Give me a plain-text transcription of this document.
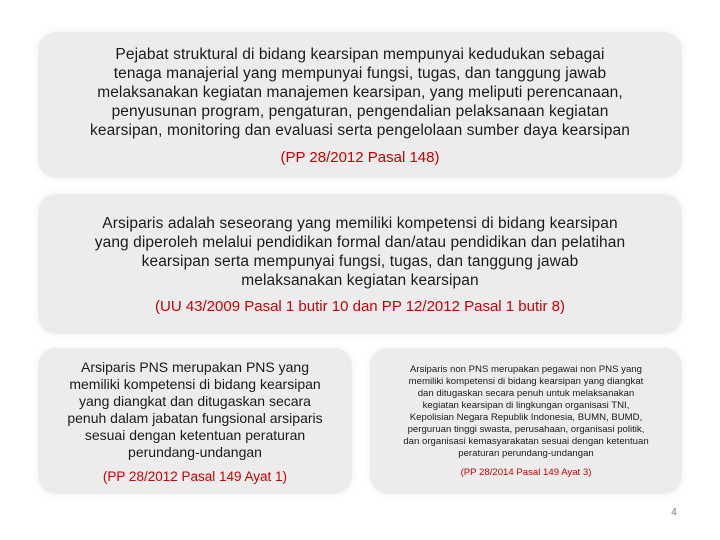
Pejabat struktural di bidang kearsipan mempunyai kedudukan sebagai
tenaga manajerial yang mempunyai fungsi, tugas, dan tanggung jawab
melaksanakan kegiatan manajemen kearsipan, yang meliputi perencanaan,
penyusunan program, pengaturan, pengendalian pelaksanaan kegiatan
kearsipan, monitoring dan evaluasi serta pengelolaan sumber daya kearsipan
(PP 28/2012 Pasal 148)
Arsiparis adalah seseorang yang memiliki kompetensi di bidang kearsipan
yang diperoleh melalui pendidikan formal dan/atau pendidikan dan pelatihan
kearsipan serta mempunyai fungsi, tugas, dan tanggung jawab
melaksanakan kegiatan kearsipan
(UU 43/2009 Pasal 1 butir 10 dan PP 12/2012 Pasal 1 butir 8)
Arsiparis PNS merupakan PNS yang
memiliki kompetensi di bidang kearsipan
yang diangkat dan ditugaskan secara
penuh dalam jabatan fungsional arsiparis
sesuai dengan ketentuan peraturan
perundang-undangan
(PP 28/2012 Pasal 149 Ayat 1)
Arsiparis non PNS merupakan pegawai non PNS yang
memiliki kompetensi di bidang kearsipan yang diangkat
dan ditugaskan secara penuh untuk melaksanakan
kegiatan kearsipan di lingkungan organisasi TNI,
Kepolisian Negara Republik Indonesia, BUMN, BUMD,
perguruan tinggi swasta, perusahaan, organisasi politik,
dan organisasi kemasyarakatan sesuai dengan ketentuan
peraturan perundang-undangan
(PP 28/2014 Pasal 149 Ayat 3)
4
